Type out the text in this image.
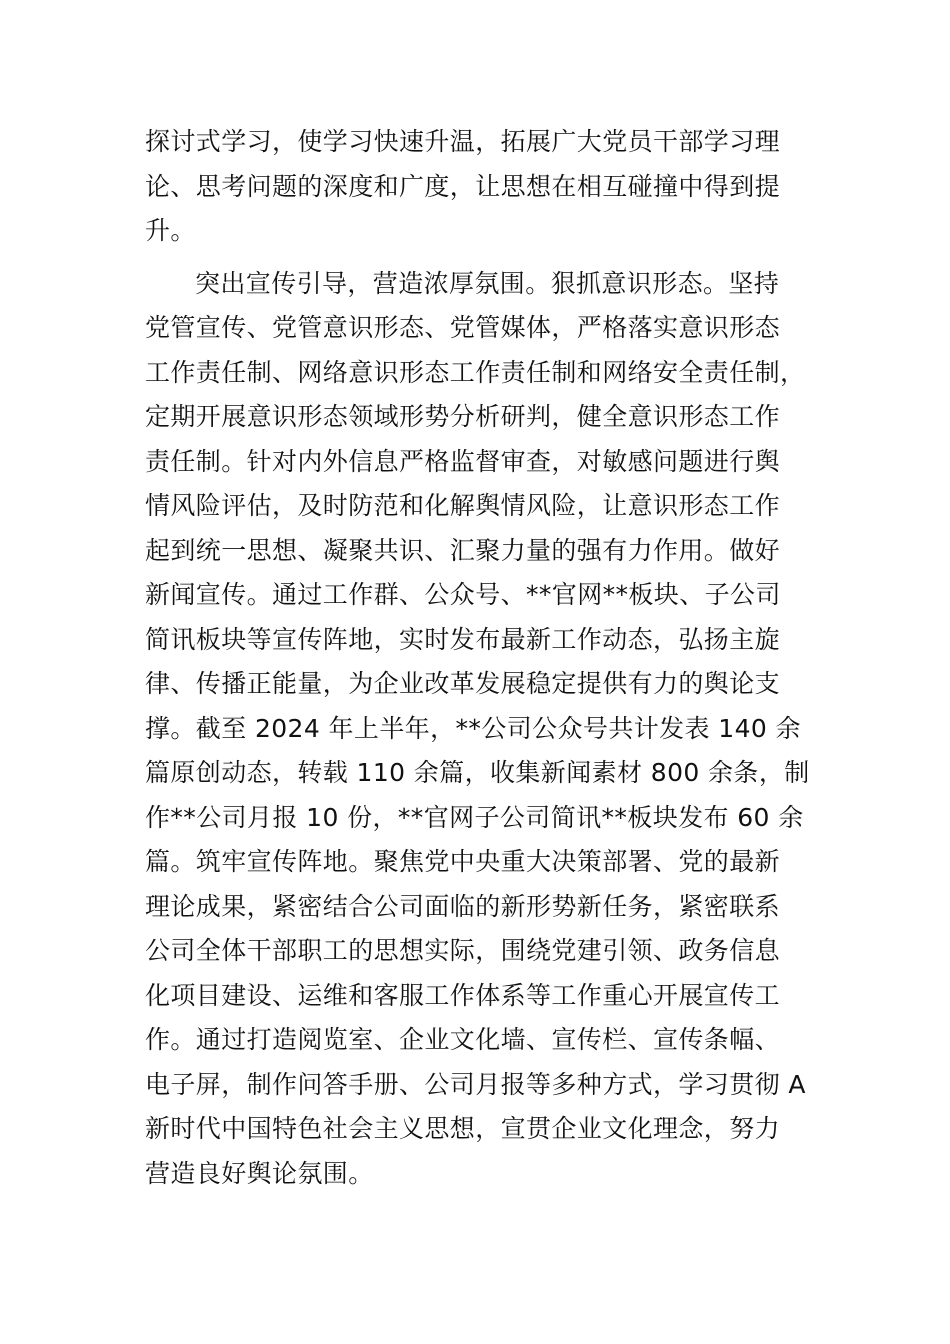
探讨式学习，使学习快速升温，拓展广大党员干部学习理
论、思考问题的深度和广度，让思想在相互碰撞中得到提
升。
突出宣传引导，营造浓厚氛围。狠抓意识形态。坚持
党管宣传、党管意识形态、党管媒体，严格落实意识形态
工作责任制、网络意识形态工作责任制和网络安全责任制，
定期开展意识形态领域形势分析研判，健全意识形态工作
责任制。针对内外信息严格监督审查，对敏感问题进行舆
情风险评估，及时防范和化解舆情风险，让意识形态工作
起到统一思想、凝聚共识、汇聚力量的强有力作用。做好
新闻宣传。通过工作群、公众号、**官网**板块、子公司
简讯板块等宣传阵地，实时发布最新工作动态，弘扬主旋
律、传播正能量，为企业改革发展稳定提供有力的舆论支
撑。截至 2024 年上半年，**公司公众号共计发表 140 余
篇原创动态，转载 110 余篇，收集新闻素材 800 余条，制
作**公司月报 10 份，**官网子公司简讯**板块发布 60 余
篇。筑牢宣传阵地。聚焦党中央重大决策部署、党的最新
理论成果，紧密结合公司面临的新形势新任务，紧密联系
公司全体干部职工的思想实际，围绕党建引领、政务信息
化项目建设、运维和客服工作体系等工作重心开展宣传工
作。通过打造阅览室、企业文化墙、宣传栏、宣传条幅、
电子屏，制作问答手册、公司月报等多种方式，学习贯彻 A
新时代中国特色社会主义思想，宣贯企业文化理念，努力
营造良好舆论氛围。
